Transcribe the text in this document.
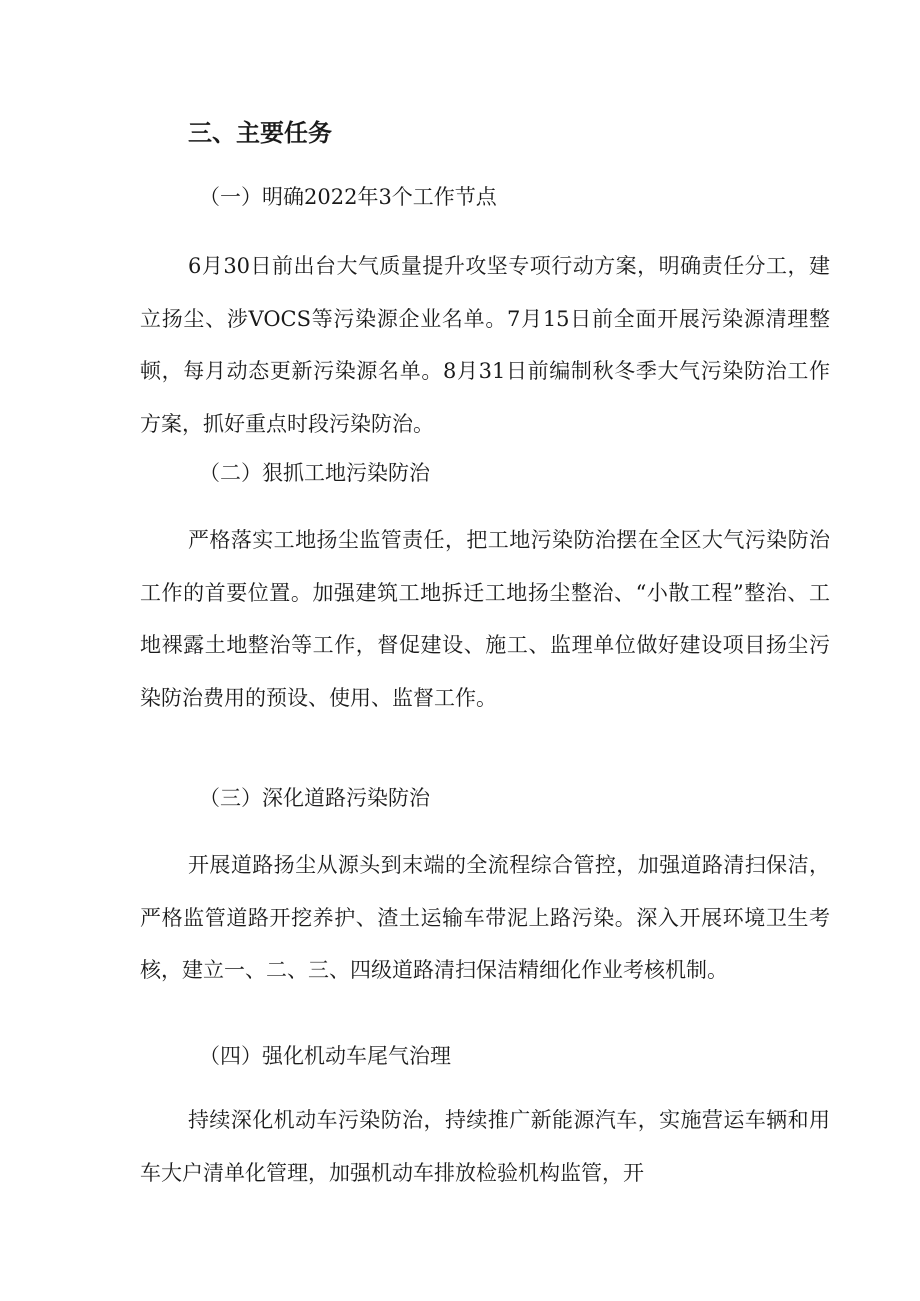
三、主要任务
（一）明确2022年3个工作节点

6月30日前出台大气质量提升攻坚专项行动方案，明确责任分工，建立扬尘、涉VOCS等污染源企业名单。7月15日前全面开展污染源清理整顿，每月动态更新污染源名单。8月31日前编制秋冬季大气污染防治工作方案，抓好重点时段污染防治。

（二）狠抓工地污染防治

严格落实工地扬尘监管责任，把工地污染防治摆在全区大气污染防治工作的首要位置。加强建筑工地拆迁工地扬尘整治、“小散工程”整治、工地裸露土地整治等工作，督促建设、施工、监理单位做好建设项目扬尘污染防治费用的预设、使用、监督工作。

（三）深化道路污染防治

开展道路扬尘从源头到末端的全流程综合管控，加强道路清扫保洁，严格监管道路开挖养护、渣土运输车带泥上路污染。深入开展环境卫生考核，建立一、二、三、四级道路清扫保洁精细化作业考核机制。

（四）强化机动车尾气治理

持续深化机动车污染防治，持续推广新能源汽车，实施营运车辆和用车大户清单化管理，加强机动车排放检验机构监管，开
